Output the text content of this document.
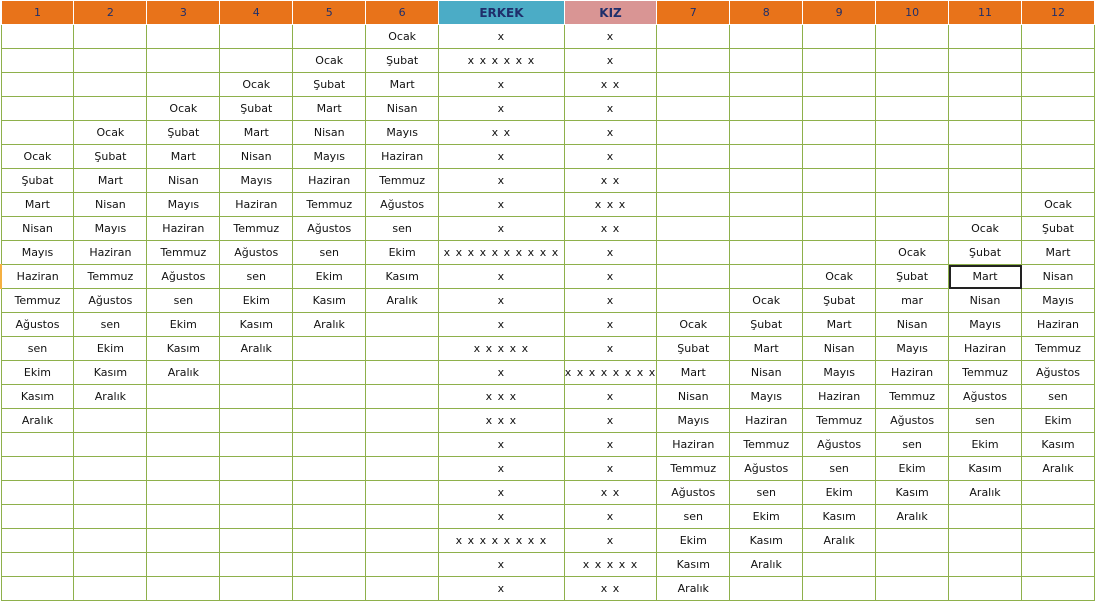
1	2	3	4	5	6	ERKEK	KIZ	7	8	9	10	11	12
					Ocak	x	x						
				Ocak	Şubat	x x x x x x	x						
			Ocak	Şubat	Mart	x	x x						
		Ocak	Şubat	Mart	Nisan	x	x						
	Ocak	Şubat	Mart	Nisan	Mayıs	x x	x						
Ocak	Şubat	Mart	Nisan	Mayıs	Haziran	x	x						
Şubat	Mart	Nisan	Mayıs	Haziran	Temmuz	x	x x						
Mart	Nisan	Mayıs	Haziran	Temmuz	Ağustos	x	x x x						Ocak
Nisan	Mayıs	Haziran	Temmuz	Ağustos	sen	x	x x					Ocak	Şubat
Mayıs	Haziran	Temmuz	Ağustos	sen	Ekim	x x x x x x x x x x	x				Ocak	Şubat	Mart
Haziran	Temmuz	Ağustos	sen	Ekim	Kasım	x	x			Ocak	Şubat	Mart	Nisan
Temmuz	Ağustos	sen	Ekim	Kasım	Aralık	x	x		Ocak	Şubat	mar	Nisan	Mayıs
Ağustos	sen	Ekim	Kasım	Aralık		x	x	Ocak	Şubat	Mart	Nisan	Mayıs	Haziran
sen	Ekim	Kasım	Aralık			x x x x x	x	Şubat	Mart	Nisan	Mayıs	Haziran	Temmuz
Ekim	Kasım	Aralık				x	x x x x x x x x	Mart	Nisan	Mayıs	Haziran	Temmuz	Ağustos
Kasım	Aralık					x x x	x	Nisan	Mayıs	Haziran	Temmuz	Ağustos	sen
Aralık						x x x	x	Mayıs	Haziran	Temmuz	Ağustos	sen	Ekim
						x	x	Haziran	Temmuz	Ağustos	sen	Ekim	Kasım
						x	x	Temmuz	Ağustos	sen	Ekim	Kasım	Aralık
						x	x x	Ağustos	sen	Ekim	Kasım	Aralık	
						x	x	sen	Ekim	Kasım	Aralık		
						x x x x x x x x	x	Ekim	Kasım	Aralık			
						x	x x x x x	Kasım	Aralık				
						x	x x	Aralık					
